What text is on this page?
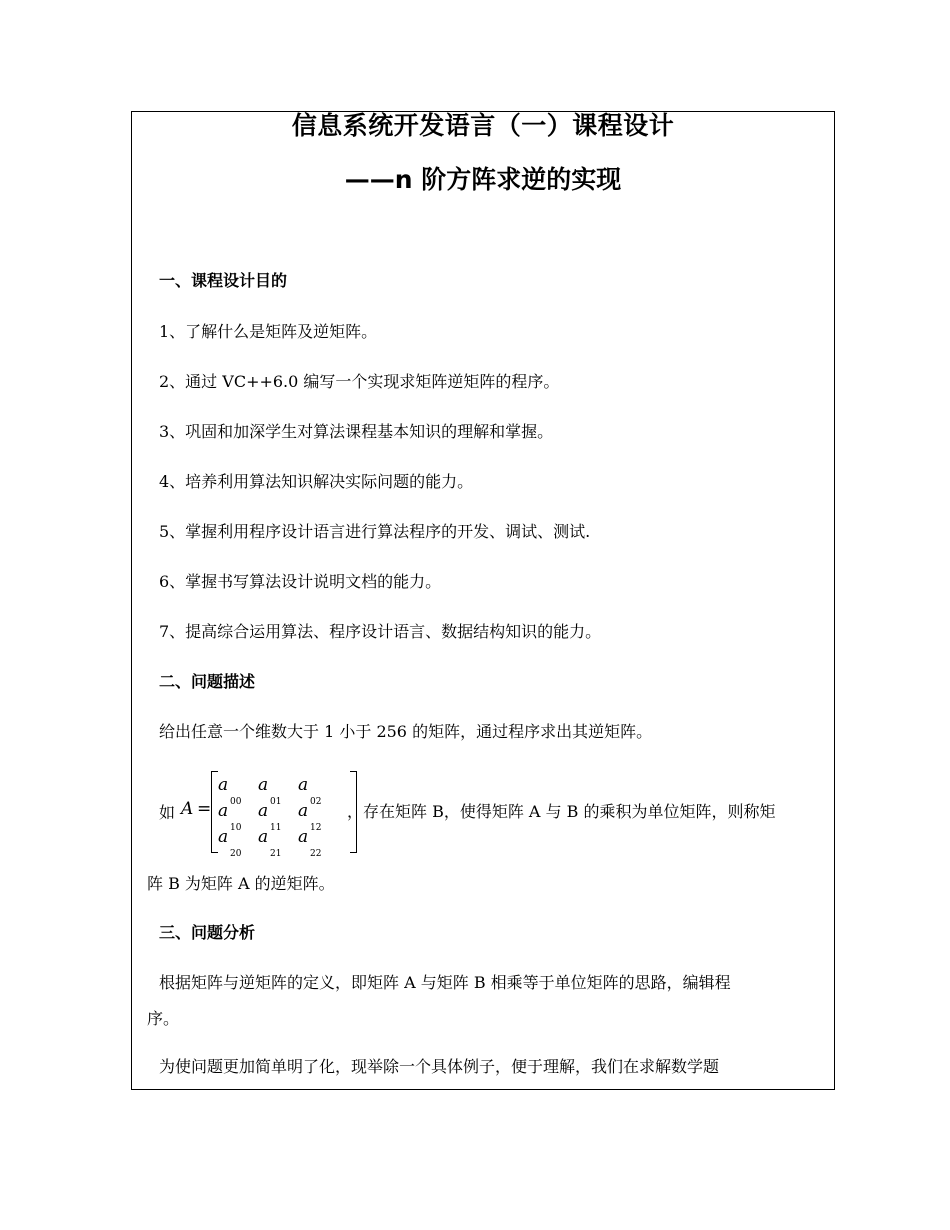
信息系统开发语言（一）课程设计
——n 阶方阵求逆的实现
一、课程设计目的
1、了解什么是矩阵及逆矩阵。
2、通过 VC++6.0 编写一个实现求矩阵逆矩阵的程序。
3、巩固和加深学生对算法课程基本知识的理解和掌握。
4、培养利用算法知识解决实际问题的能力。
5、掌握利用程序设计语言进行算法程序的开发、调试、测试.
6、掌握书写算法设计说明文档的能力。
7、提高综合运用算法、程序设计语言、数据结构知识的能力。
二、问题描述
给出任意一个维数大于 1 小于 256 的矩阵，通过程序求出其逆矩阵。
如 A =
a
00
a
01
a
02
a
10
a
11
a
12
a
20
a
21
a
22
，存在矩阵 B，使得矩阵 A 与 B 的乘积为单位矩阵，则称矩
阵 B 为矩阵 A 的逆矩阵。
三、问题分析
根据矩阵与逆矩阵的定义，即矩阵 A 与矩阵 B 相乘等于单位矩阵的思路，编辑程
序。
为使问题更加简单明了化，现举除一个具体例子，便于理解，我们在求解数学题
